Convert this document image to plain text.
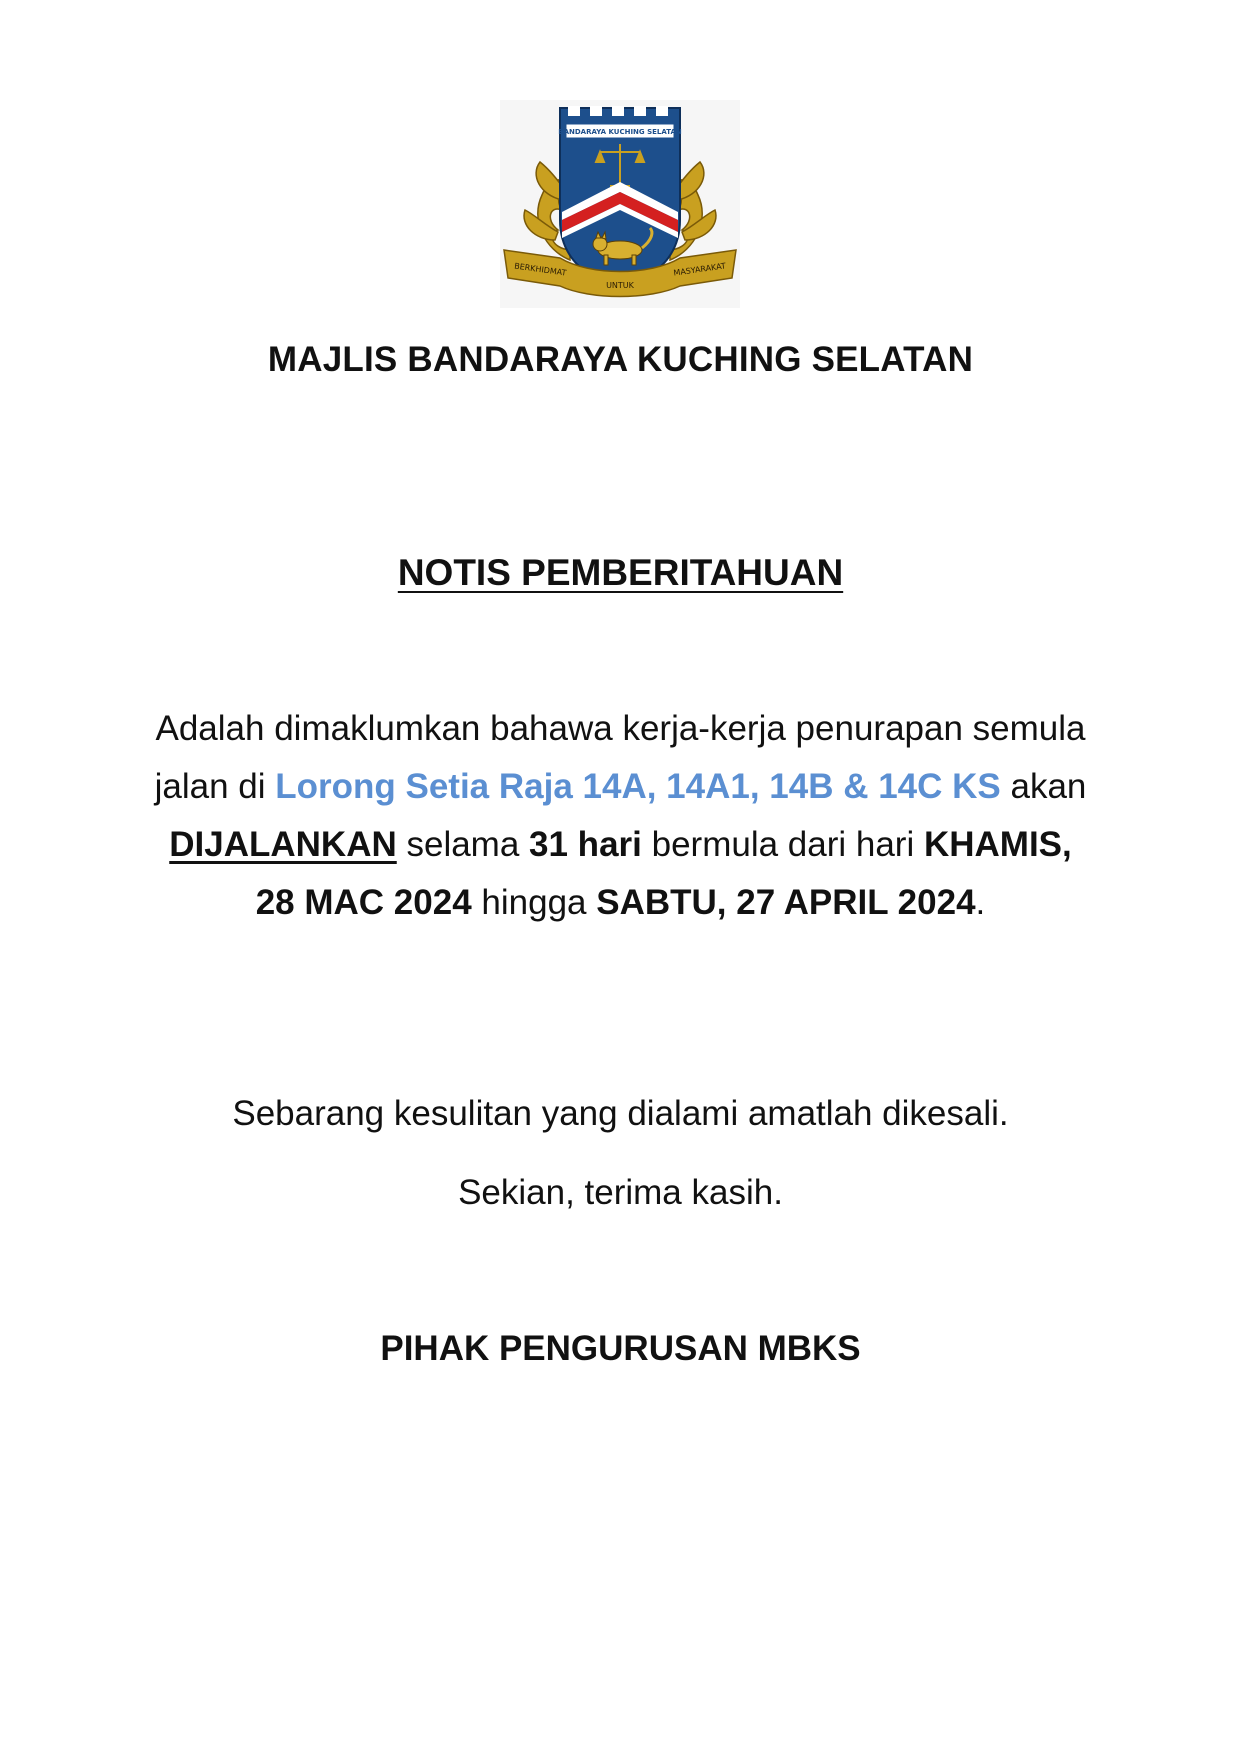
BANDARAYA KUCHING SELATAN
BERKHIDMAT
UNTUK
MASYARAKAT
MAJLIS BANDARAYA KUCHING SELATAN
NOTIS PEMBERITAHUAN
Adalah dimaklumkan bahawa kerja-kerja penurapan semula jalan di Lorong Setia Raja 14A, 14A1, 14B & 14C KS akan DIJALANKAN selama 31 hari bermula dari hari KHAMIS, 28 MAC 2024 hingga SABTU, 27 APRIL 2024.
Sebarang kesulitan yang dialami amatlah dikesali.
Sekian, terima kasih.
PIHAK PENGURUSAN MBKS
